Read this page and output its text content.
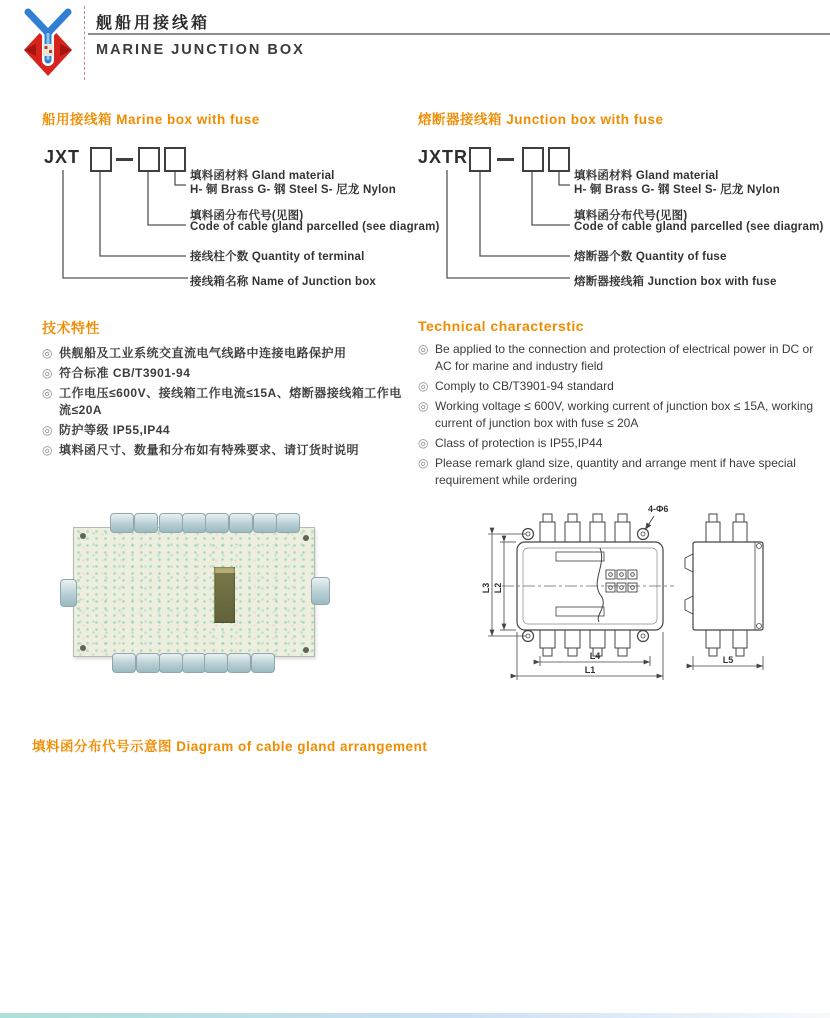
舰船用接线箱
MARINE JUNCTION BOX
船用接线箱 Marine box with fuse	熔断器接线箱 Junction box with fuse
JXT
填料函材料 Gland material
H- 铜 Brass G- 钢 Steel S- 尼龙 Nylon
填料函分布代号(见图)
Code of cable gland parcelled (see diagram)
接线柱个数 Quantity of terminal
接线箱名称 Name of Junction box
JXTR
填料函材料 Gland material
H- 铜 Brass G- 钢 Steel S- 尼龙 Nylon
填料函分布代号(见图)
Code of cable gland parcelled (see diagram)
熔断器个数 Quantity of fuse
熔断器接线箱 Junction box with fuse
技术特性
◎ 供舰船及工业系统交直流电气线路中连接电路保护用
◎ 符合标准 CB/T3901-94
◎ 工作电压≤600V、接线箱工作电流≤15A、熔断器接线箱工作电流≤20A
◎ 防护等级 IP55,IP44
◎ 填料函尺寸、数量和分布如有特殊要求、请订货时说明
Technical characterstic
◎ Be applied to the connection and protection of electrical power in DC or AC for marine and industry field
◎ Comply to CB/T3901-94 standard
◎ Working voltage ≤ 600V, working current of junction box ≤ 15A, working current of junction box with fuse ≤ 20A
◎ Class of protection is IP55,IP44
◎ Please remark gland size, quantity and arrange ment if have special requirement while ordering
4-Φ6
L3 L2
L4
L1
L5
填料函分布代号示意图 Diagram of cable gland arrangement
